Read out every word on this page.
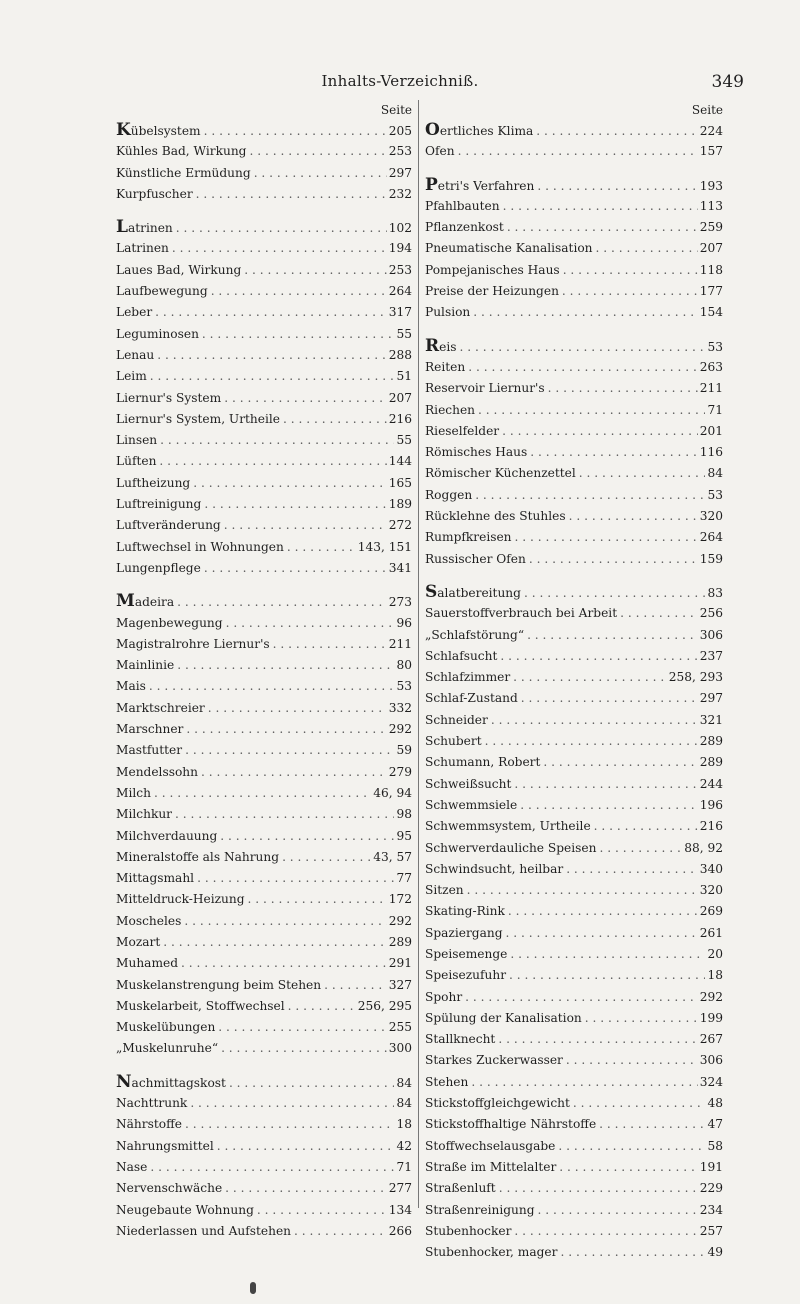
Inhalts-Verzeichniß.	349
Seite
Kübelsystem . . .	205
Kühles Bad, Wirkung . . .	253
Künstliche Ermüdung . . .	297
Kurpfuscher . . .	232
Latrinen . . .	102
Latrinen . . .	194
Laues Bad, Wirkung . . .	253
Laufbewegung . . .	264
Leber . . .	317
Leguminosen . . .	55
Lenau . . .	288
Leim . . .	51
Liernur's System . . .	207
Liernur's System, Urtheile . . .	216
Linsen . . .	55
Lüften . . .	144
Luftheizung . . .	165
Luftreinigung . . .	189
Luftveränderung . . .	272
Luftwechsel in Wohnungen . . .	143, 151
Lungenpflege . . .	341
Madeira . . .	273
Magenbewegung . . .	96
Magistralrohre Liernur's . . .	211
Mainlinie . . .	80
Mais . . .	53
Marktschreier . . .	332
Marschner . . .	292
Mastfutter . . .	59
Mendelssohn . . .	279
Milch . . .	46, 94
Milchkur . . .	98
Milchverdauung . . .	95
Mineralstoffe als Nahrung . . .	43, 57
Mittagsmahl . . .	77
Mitteldruck-Heizung . . .	172
Moscheles . . .	292
Mozart . . .	289
Muhamed . . .	291
Muskelanstrengung beim Stehen . . .	327
Muskelarbeit, Stoffwechsel . . .	256, 295
Muskelübungen . . .	255
„Muskelunruhe“ . . .	300
Nachmittagskost . . .	84
Nachttrunk . . .	84
Nährstoffe . . .	18
Nahrungsmittel . . .	42
Nase . . .	71
Nervenschwäche . . .	277
Neugebaute Wohnung . . .	134
Niederlassen und Aufstehen . . .	266
Seite
Oertliches Klima . . .	224
Ofen . . .	157
Petri's Verfahren . . .	193
Pfahlbauten . . .	113
Pflanzenkost . . .	259
Pneumatische Kanalisation . . .	207
Pompejanisches Haus . . .	118
Preise der Heizungen . . .	177
Pulsion . . .	154
Reis . . .	53
Reiten . . .	263
Reservoir Liernur's . . .	211
Riechen . . .	71
Rieselfelder . . .	201
Römisches Haus . . .	116
Römischer Küchenzettel . . .	84
Roggen . . .	53
Rücklehne des Stuhles . . .	320
Rumpfkreisen . . .	264
Russischer Ofen . . .	159
Salatbereitung . . .	83
Sauerstoffverbrauch bei Arbeit . . .	256
„Schlafstörung“ . . .	306
Schlafsucht . . .	237
Schlafzimmer . . .	258, 293
Schlaf-Zustand . . .	297
Schneider . . .	321
Schubert . . .	289
Schumann, Robert . . .	289
Schweißsucht . . .	244
Schwemmsiele . . .	196
Schwemmsystem, Urtheile . . .	216
Schwerverdauliche Speisen . . .	88, 92
Schwindsucht, heilbar . . .	340
Sitzen . . .	320
Skating-Rink . . .	269
Spaziergang . . .	261
Speisemenge . . .	20
Speisezufuhr . . .	18
Spohr . . .	292
Spülung der Kanalisation . . .	199
Stallknecht . . .	267
Starkes Zuckerwasser . . .	306
Stehen . . .	324
Stickstoffgleichgewicht . . .	48
Stickstoffhaltige Nährstoffe . . .	47
Stoffwechselausgabe . . .	58
Straße im Mittelalter . . .	191
Straßenluft . . .	229
Straßenreinigung . . .	234
Stubenhocker . . .	257
Stubenhocker, mager . . .	49
